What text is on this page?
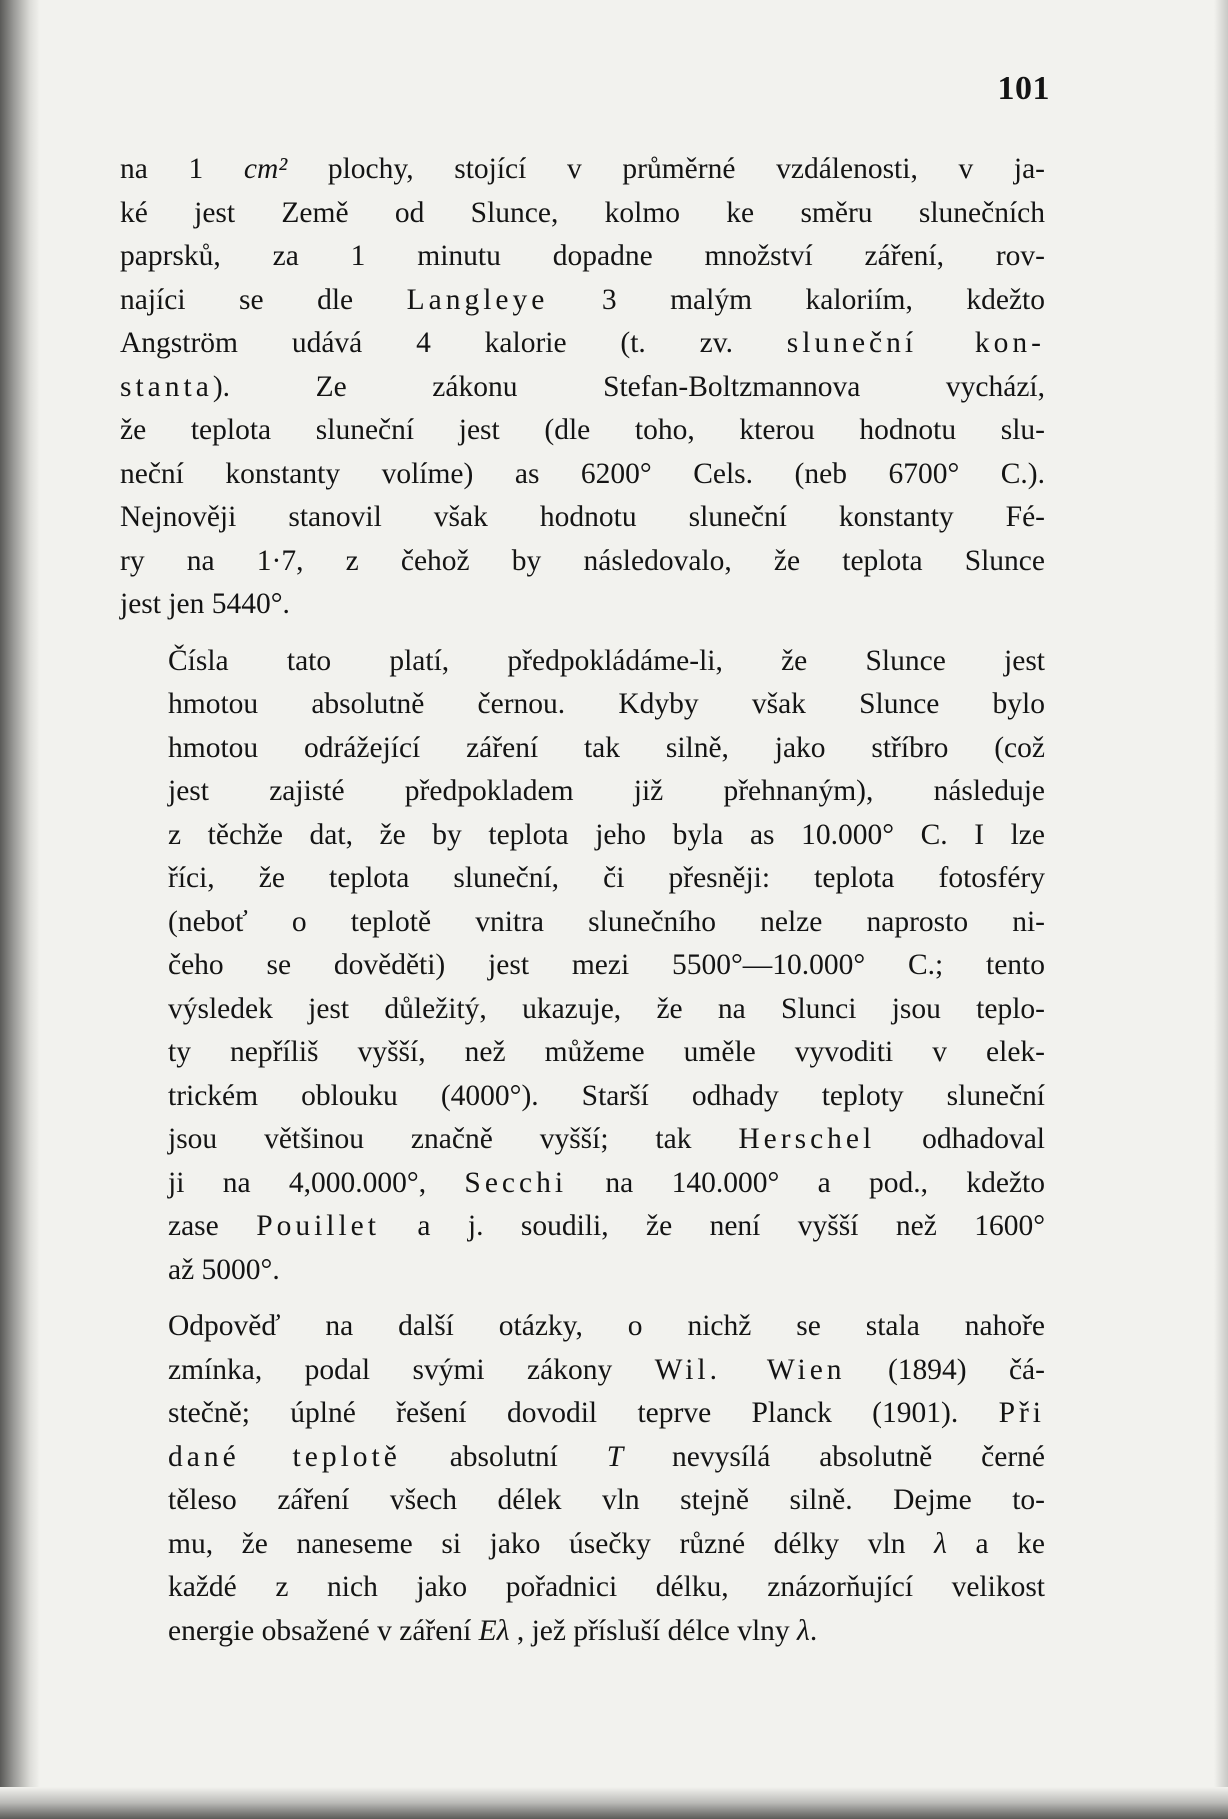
101

na 1 cm² plochy, stojící v průměrné vzdálenosti, v ja-
ké jest Země od Slunce, kolmo ke směru slunečních
paprsků, za 1 minutu dopadne množství záření, rov-
najíci se dle Langleye 3 malým kaloriím, kdežto
Angström udává 4 kalorie (t. zv. sluneční kon-
stanta). Ze zákonu Stefan-Boltzmannova vychází,
že teplota sluneční jest (dle toho, kterou hodnotu slu-
neční konstanty volíme) as 6200° Cels. (neb 6700° C.).
Nejnověji stanovil však hodnotu sluneční konstanty Fé-
ry na 1·7, z čehož by následovalo, že teplota Slunce
jest jen 5440°.

Čísla tato platí, předpokládáme-li, že Slunce jest
hmotou absolutně černou. Kdyby však Slunce bylo
hmotou odrážející záření tak silně, jako stříbro (což
jest zajisté předpokladem již přehnaným), následuje
z těchže dat, že by teplota jeho byla as 10.000° C. I lze
říci, že teplota sluneční, či přesněji: teplota fotosféry
(neboť o teplotě vnitra slunečního nelze naprosto ni-
čeho se dověděti) jest mezi 5500°—10.000° C.; tento
výsledek jest důležitý, ukazuje, že na Slunci jsou teplo-
ty nepříliš vyšší, než můžeme uměle vyvoditi v elek-
trickém oblouku (4000°). Starší odhady teploty sluneční
jsou většinou značně vyšší; tak Herschel odhadoval
ji na 4,000.000°, Secchi na 140.000° a pod., kdežto
zase Pouillet a j. soudili, že není vyšší než 1600°
až 5000°.

Odpověď na další otázky, o nichž se stala nahoře
zmínka, podal svými zákony Wil. Wien (1894) čá-
stečně; úplné řešení dovodil teprve Planck (1901). Při
dané teplotě absolutní T nevysílá absolutně černé
těleso záření všech délek vln stejně silně. Dejme to-
mu, že naneseme si jako úsečky různé délky vln λ a ke
každé z nich jako pořadnici délku, znázorňující velikost
energie obsažené v záření Eλ , jež přísluší délce vlny λ.
